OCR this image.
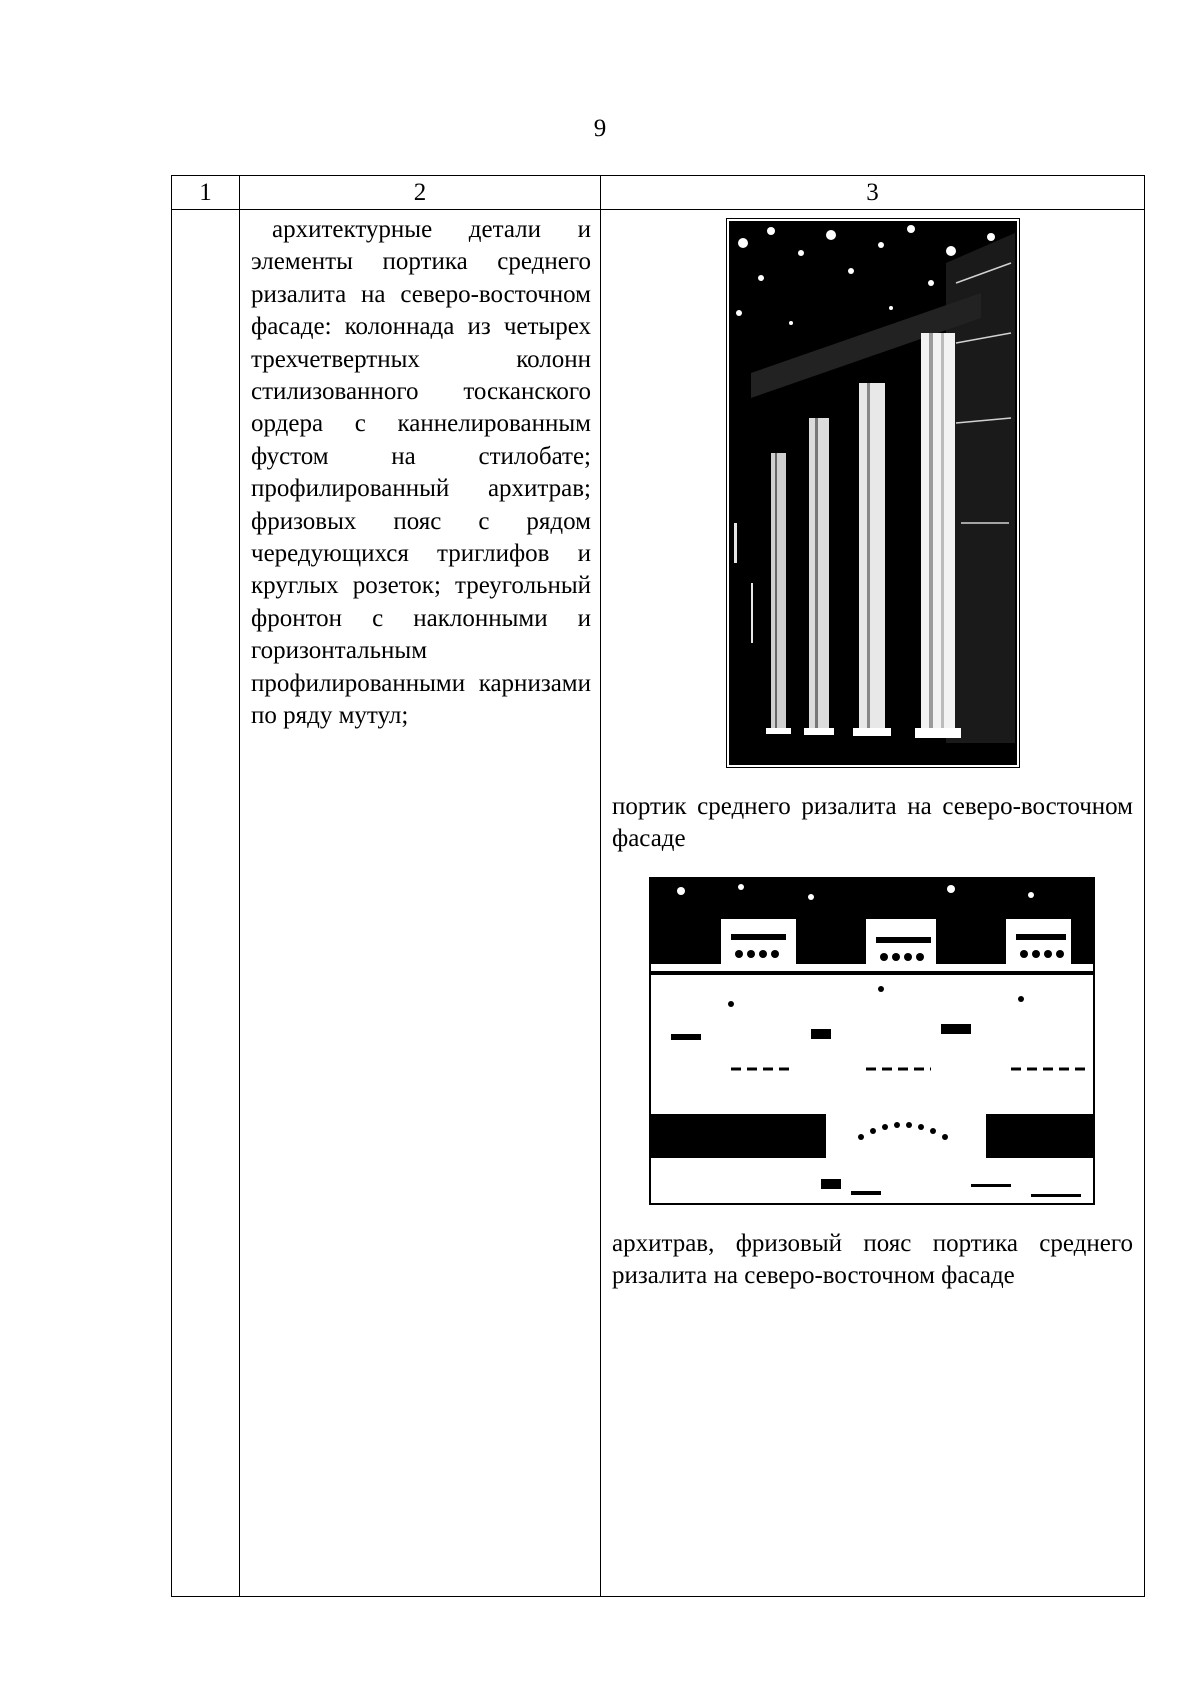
9
1	2	3
архитектурные детали и элементы портика среднего ризалита на северо-восточном фасаде: колоннада из четырех трехчетвертных колонн стилизованного тосканского ордера с каннелированным фустом на стилобате; профилированный архитрав; фризовых пояс с рядом чередующихся триглифов и круглых розеток; треугольный фронтон с наклонными и горизонтальным профилированными карнизами по ряду мутул;
портик среднего ризалита на северо-восточном фасаде
архитрав, фризовый пояс портика среднего ризалита на северо-восточном фасаде
